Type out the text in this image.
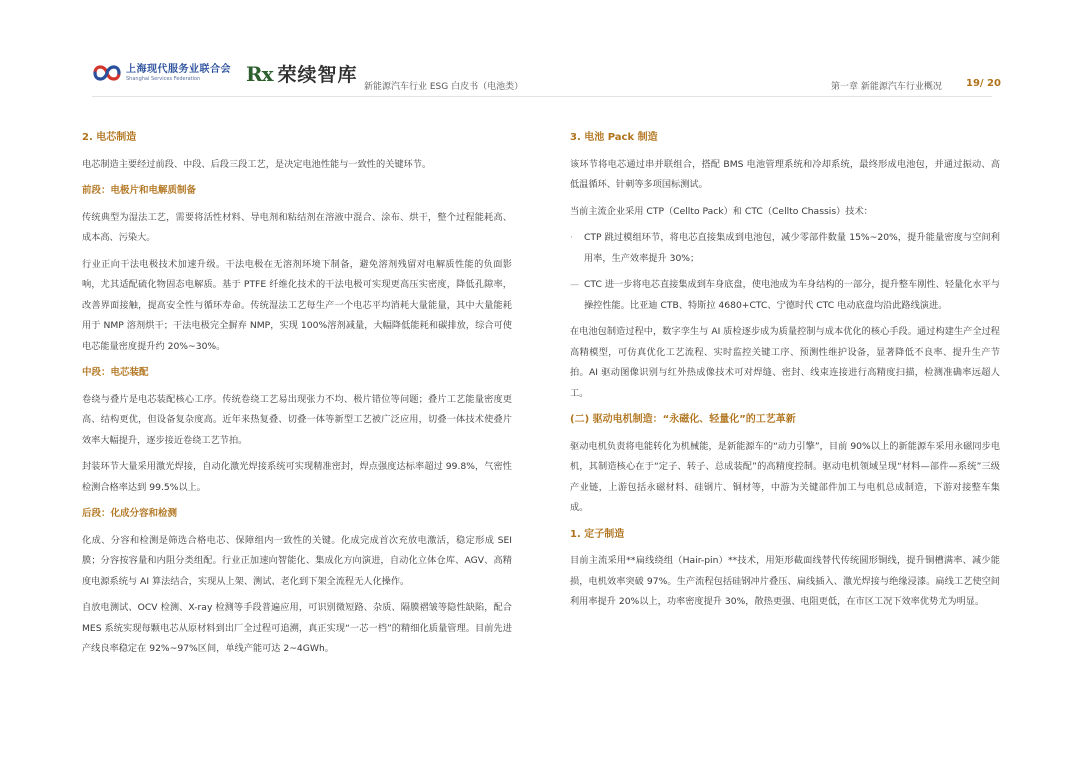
上海现代服务业联合会
Shanghai Services Federation	Rx 荣续智库
新能源汽车行业 ESG 白皮书（电池类）	第一章 新能源汽车行业概况 19/ 20
2. 电芯制造

电芯制造主要经过前段、中段、后段三段工艺，是决定电池性能与一致性的关键环节。

前段：电极片和电解质制备

传统典型为湿法工艺，需要将活性材料、导电剂和粘结剂在溶液中混合、涂布、烘干，整个过程能耗高、成本高、污染大。

行业正向干法电极技术加速升级。干法电极在无溶剂环境下制备，避免溶剂残留对电解质性能的负面影响，尤其适配硫化物固态电解质。基于 PTFE 纤维化技术的干法电极可实现更高压实密度，降低孔隙率，改善界面接触，提高安全性与循环寿命。传统湿法工艺每生产一个电芯平均消耗大量能量，其中大量能耗用于 NMP 溶剂烘干；干法电极完全摒弃 NMP，实现 100%溶剂减量，大幅降低能耗和碳排放，综合可使电芯能量密度提升约 20%~30%。

中段：电芯装配

卷绕与叠片是电芯装配核心工序。传统卷绕工艺易出现张力不均、极片错位等问题；叠片工艺能量密度更高、结构更优，但设备复杂度高。近年来热复叠、切叠一体等新型工艺被广泛应用，切叠一体技术使叠片效率大幅提升，逐步接近卷绕工艺节拍。

封装环节大量采用激光焊接，自动化激光焊接系统可实现精准密封，焊点强度达标率超过 99.8%，气密性检测合格率达到 99.5%以上。

后段：化成分容和检测

化成、分容和检测是筛选合格电芯、保障组内一致性的关键。化成完成首次充放电激活，稳定形成 SEI 膜；分容按容量和内阻分类组配。行业正加速向智能化、集成化方向演进，自动化立体仓库、AGV、高精度电源系统与 AI 算法结合，实现从上架、测试、老化到下架全流程无人化操作。

自放电测试、OCV 检测、X-ray 检测等手段普遍应用，可识别微短路、杂质、隔膜褶皱等隐性缺陷，配合 MES 系统实现每颗电芯从原材料到出厂全过程可追溯，真正实现“一芯一档”的精细化质量管理。目前先进产线良率稳定在 92%~97%区间，单线产能可达 2~4GWh。

3. 电池 Pack 制造

该环节将电芯通过串并联组合，搭配 BMS 电池管理系统和冷却系统，最终形成电池包，并通过振动、高低温循环、针刺等多项国标测试。

当前主流企业采用 CTP（Cellto Pack）和 CTC（Cellto Chassis）技术：

·	CTP 跳过模组环节，将电芯直接集成到电池包，减少零部件数量 15%~20%，提升能量密度与空间利用率，生产效率提升 30%；
— CTC 进一步将电芯直接集成到车身底盘，使电池成为车身结构的一部分，提升整车刚性、轻量化水平与操控性能。比亚迪 CTB、特斯拉 4680+CTC、宁德时代 CTC 电动底盘均沿此路线演进。

在电池包制造过程中，数字孪生与 AI 质检逐步成为质量控制与成本优化的核心手段。通过构建生产全过程高精模型，可仿真优化工艺流程、实时监控关键工序、预测性维护设备，显著降低不良率、提升生产节拍。AI 驱动图像识别与红外热成像技术可对焊缝、密封、线束连接进行高精度扫描，检测准确率远超人工。

(二) 驱动电机制造：“永磁化、轻量化”的工艺革新

驱动电机负责将电能转化为机械能，是新能源车的“动力引擎”，目前 90%以上的新能源车采用永磁同步电机，其制造核心在于“定子、转子、总成装配”的高精度控制。驱动电机领域呈现“材料—部件—系统”三级产业链，上游包括永磁材料、硅钢片、铜材等，中游为关键部件加工与电机总成制造，下游对接整车集成。

1. 定子制造

目前主流采用**扁线绕组（Hair-pin）**技术，用矩形截面线替代传统圆形铜线，提升铜槽满率、减少能损，电机效率突破 97%。生产流程包括硅钢冲片叠压、扁线插入、激光焊接与绝缘浸漆。扁线工艺使空间利用率提升 20%以上，功率密度提升 30%，散热更强、电阻更低，在市区工况下效率优势尤为明显。
